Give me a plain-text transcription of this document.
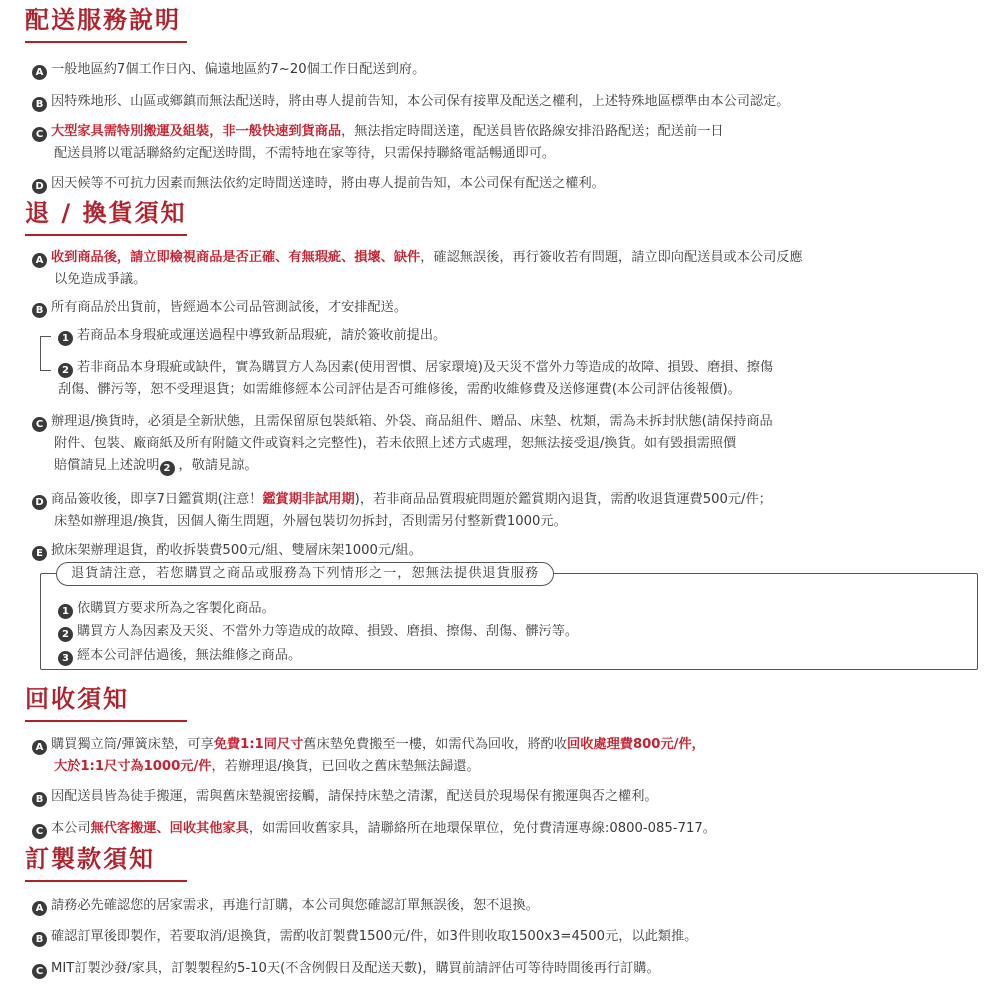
配送服務說明
A 一般地區約7個工作日內、偏遠地區約7~20個工作日配送到府。
B 因特殊地形、山區或鄉鎮而無法配送時，將由專人提前告知，本公司保有接單及配送之權利，上述特殊地區標準由本公司認定。
C 大型家具需特別搬運及組裝，非一般快速到貨商品，無法指定時間送達，配送員皆依路線安排沿路配送；配送前一日
配送員將以電話聯絡約定配送時間，不需特地在家等待，只需保持聯絡電話暢通即可。
D 因天候等不可抗力因素而無法依約定時間送達時，將由專人提前告知，本公司保有配送之權利。
退 / 換貨須知
A 收到商品後，請立即檢視商品是否正確、有無瑕疵、損壞、缺件，確認無誤後，再行簽收若有問題，請立即向配送員或本公司反應
以免造成爭議。
B 所有商品於出貨前，皆經過本公司品管測試後，才安排配送。
1 若商品本身瑕疵或運送過程中導致新品瑕疵，請於簽收前提出。
2 若非商品本身瑕疵或缺件，實為購買方人為因素(使用習慣、居家環境)及天災不當外力等造成的故障、損毀、磨損、擦傷
刮傷、髒污等，恕不受理退貨；如需維修經本公司評估是否可維修後，需酌收維修費及送修運費(本公司評估後報價)。
C 辦理退/換貨時，必須是全新狀態，且需保留原包裝紙箱、外袋、商品組件、贈品、床墊、枕類，需為未拆封狀態(請保持商品
附件、包裝、廠商紙及所有附隨文件或資料之完整性)，若未依照上述方式處理，恕無法接受退/換貨。如有毀損需照價
賠償請見上述說明 2 ，敬請見諒。
D 商品簽收後，即享7日鑑賞期(注意！鑑賞期非試用期)，若非商品品質瑕疵問題於鑑賞期內退貨，需酌收退貨運費500元/件；
床墊如辦理退/換貨，因個人衛生問題，外層包裝切勿拆封，否則需另付整新費1000元。
E 掀床架辦理退貨，酌收拆裝費500元/組、雙層床架1000元/組。
退貨請注意，若您購買之商品或服務為下列情形之一，恕無法提供退貨服務
1 依購買方要求所為之客製化商品。
2 購買方人為因素及天災、不當外力等造成的故障、損毀、磨損、擦傷、刮傷、髒污等。
3 經本公司評估過後，無法維修之商品。
回收須知
A 購買獨立筒/彈簧床墊，可享免費1:1同尺寸舊床墊免費搬至一樓，如需代為回收，將酌收回收處理費800元/件，
大於1:1尺寸為1000元/件，若辦理退/換貨，已回收之舊床墊無法歸還。
B 因配送員皆為徒手搬運，需與舊床墊親密接觸，請保持床墊之清潔，配送員於現場保有搬運與否之權利。
C 本公司無代客搬運、回收其他家具，如需回收舊家具，請聯絡所在地環保單位，免付費清運專線:0800-085-717。
訂製款須知
A 請務必先確認您的居家需求，再進行訂購，本公司與您確認訂單無誤後，恕不退換。
B 確認訂單後即製作，若要取消/退換貨，需酌收訂製費1500元/件，如3件則收取1500x3=4500元，以此類推。
C MIT訂製沙發/家具，訂製製程約5-10天(不含例假日及配送天數)，購買前請評估可等待時間後再行訂購。
